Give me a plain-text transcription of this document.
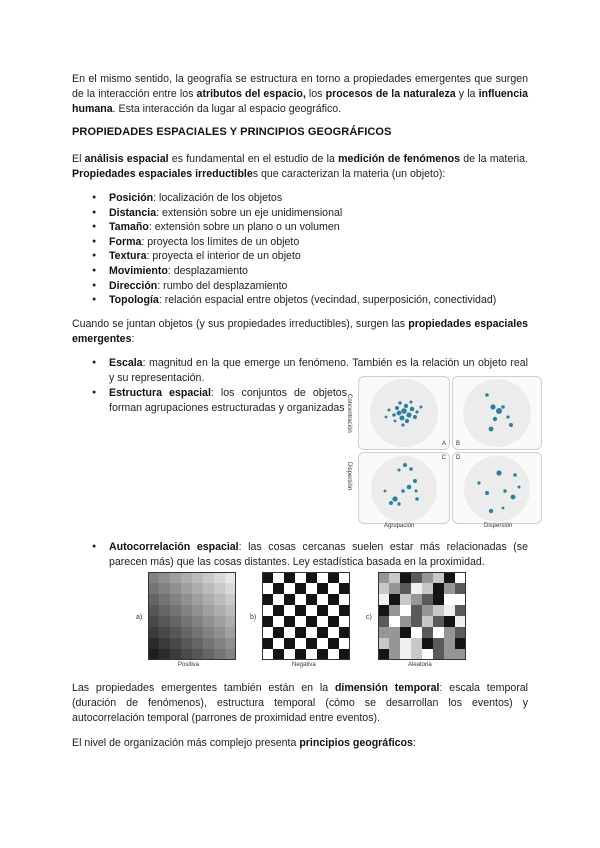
En el mismo sentido, la geografía se estructura en torno a propiedades emergentes que surgen de la interacción entre los atributos del espacio, los procesos de la naturaleza y la influencia humana. Esta interacción da lugar al espacio geográfico.

PROPIEDADES ESPACIALES Y PRINCIPIOS GEOGRÁFICOS

El análisis espacial es fundamental en el estudio de la medición de fenómenos de la materia. Propiedades espaciales irreductibles que caracterizan la materia (un objeto):

● Posición: localización de los objetos
● Distancia: extensión sobre un eje unidimensional
● Tamaño: extensión sobre un plano o un volumen
● Forma: proyecta los límites de un objeto
● Textura: proyecta el interior de un objeto
● Movimiento: desplazamiento
● Dirección: rumbo del desplazamiento
● Topología: relación espacial entre objetos (vecindad, superposición, conectividad)

Cuando se juntan objetos (y sus propiedades irreductibles), surgen las propiedades espaciales emergentes:

● Escala: magnitud en la que emerge un fenómeno. También es la relación un objeto real y su representación.
● Estructura espacial: los conjuntos de objetos forman agrupaciones estructuradas y organizadas Concentración
Dispersión
A B
C D
Agrupación	Dispersión
● Autocorrelación espacial: las cosas cercanas suelen estar más relacionadas (se parecen más) que las cosas distantes. Ley estadística basada en la proximidad.
a)
Positiva
b)
Negativa
c)
Aleatoria

Las propiedades emergentes también están en la dimensión temporal: escala temporal (duración de fenómenos), estructura temporal (cómo se desarrollan los eventos) y autocorrelación temporal (parrones de proximidad entre eventos).

El nivel de organización más complejo presenta principios geográficos:
